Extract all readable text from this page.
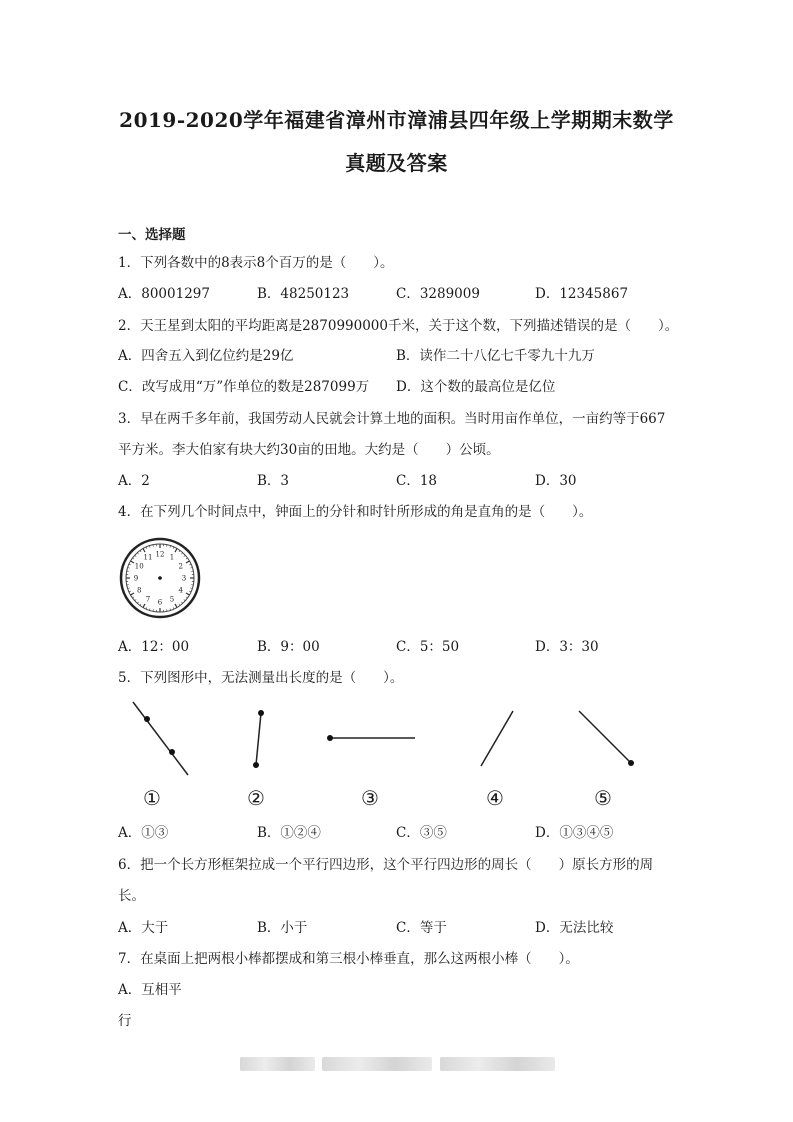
2019-2020学年福建省漳州市漳浦县四年级上学期期末数学
真题及答案
一、选择题
1．下列各数中的8表示8个百万的是（　　）。
A．80001297	B．48250123	C．3289009	D．12345867
2．天王星到太阳的平均距离是2870990000千米，关于这个数，下列描述错误的是（　　）。
A．四舍五入到亿位约是29亿	B．读作二十八亿七千零九十九万
C．改写成用“万”作单位的数是287099万 D．这个数的最高位是亿位
3．早在两千多年前，我国劳动人民就会计算土地的面积。当时用亩作单位，一亩约等于667
平方米。李大伯家有块大约30亩的田地。大约是（　　）公顷。
A．2	B．3	C．18	D．30
4．在下列几个时间点中，钟面上的分针和时针所形成的角是直角的是（　　）。
12 1
2
3
4
5
6
7
8
9
10
11
A．12：00	B．9：00	C．5：50	D．3：30
5．下列图形中，无法测量出长度的是（　　）。
①	②	③	④	⑤
A．①③	B．①②④	C．③⑤	D．①③④⑤
6．把一个长方形框架拉成一个平行四边形，这个平行四边形的周长（　　）原长方形的周
长。
A．大于	B．小于	C．等于	D．无法比较
7．在桌面上把两根小棒都摆成和第三根小棒垂直，那么这两根小棒（　　）。
A．互相平
行
